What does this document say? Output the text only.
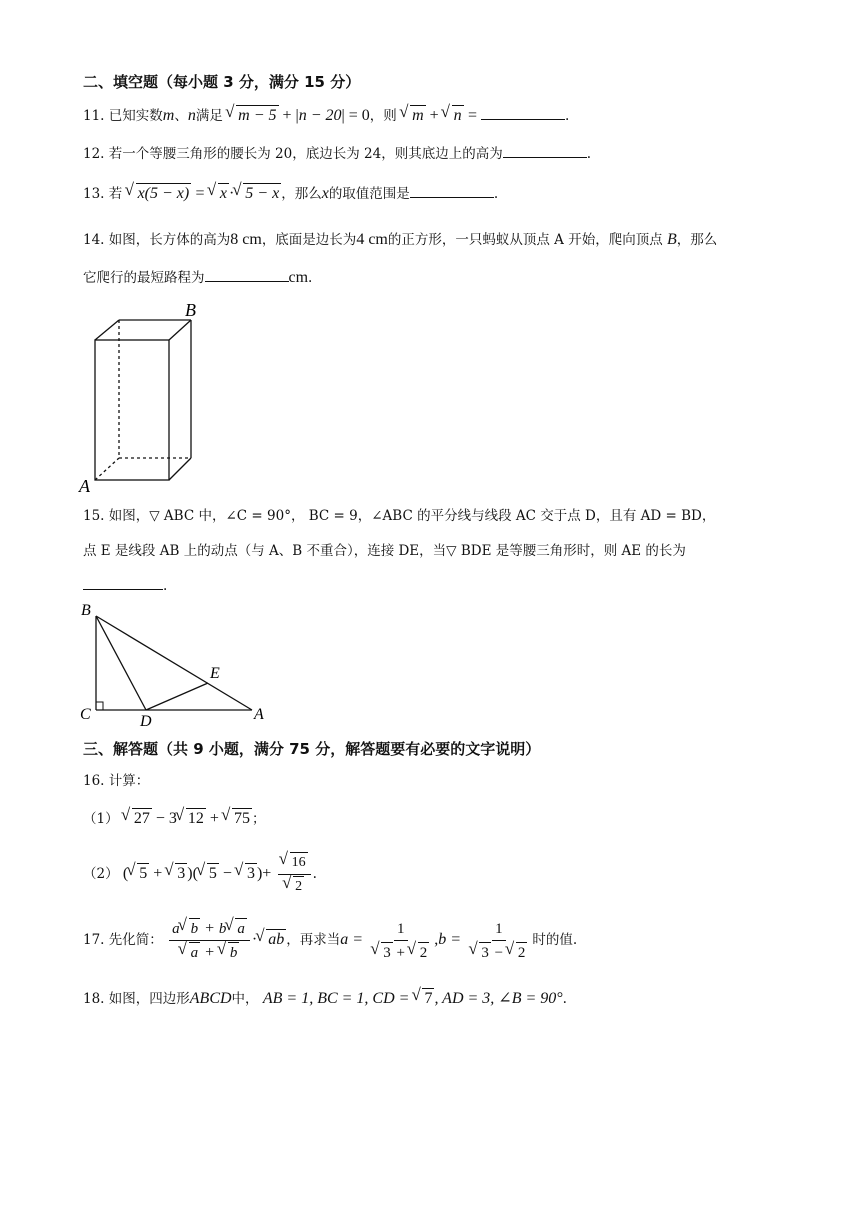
二、填空题（每小题 3 分，满分 15 分）
11. 已知实数m、n满足 √ m − 5 + |n − 20| = 0，则 √ m + √ n =	.
12. 若一个等腰三角形的腰长为 20，底边长为 24，则其底边上的高为	.
13. 若 √ x(5 − x) = √ x · √ 5 − x ，那么x的取值范围是	.
14. 如图，长方体的高为8 cm，底面是边长为4 cm的正方形，一只蚂蚁从顶点 A 开始，爬向顶点 B，那么
它爬行的最短路程为	cm.
B
A
15. 如图，▽ ABC 中，∠C = 90°， BC = 9，∠ABC 的平分线与线段 AC 交于点 D，且有 AD = BD，
点 E 是线段 AB 上的动点（与 A、B 不重合），连接 DE，当▽ BDE 是等腰三角形时，则 AE 的长为
.
B
C	D
E
A
三、解答题（共 9 小题，满分 75 分，解答题要有必要的文字说明）
16. 计算：
（1） √ 27 − 3 √ 12 + √ 75 ；
（2） ( √ 5 + √ 3 )( √ 5 − √ 3 )+ √ 16
√ 2 .
17. 先化简： a √ b + b √ a
√ a + √ b · √ ab ，再求当a = 1
√ 3 + √ 2 ,b = 1
√ 3 − √ 2 时的值.
18. 如图，四边形ABCD中， AB = 1, BC = 1, CD = √ 7 , AD = 3, ∠B = 90°.
